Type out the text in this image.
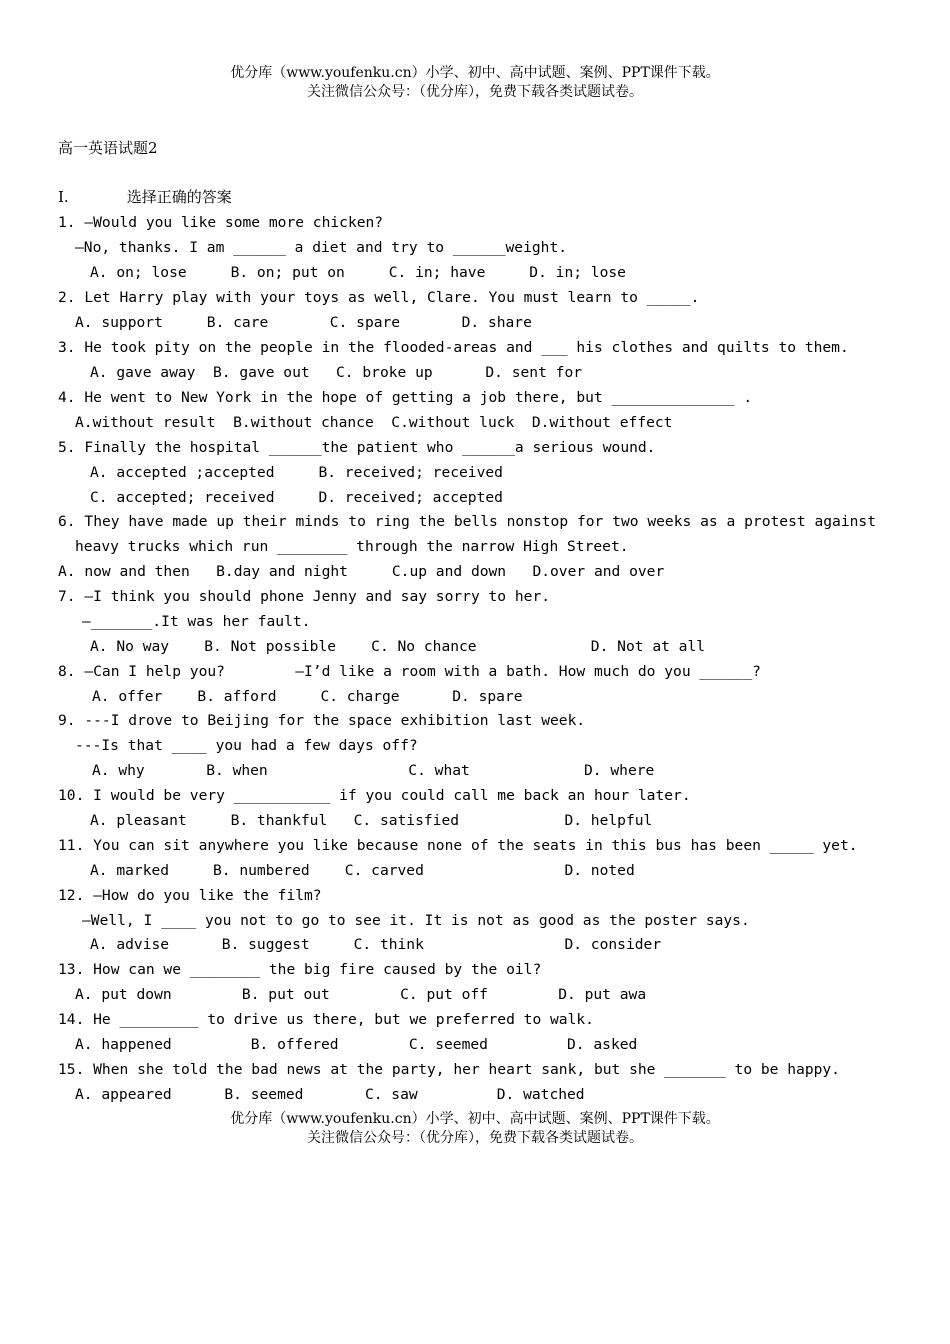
优分库（www.youfenku.cn）小学、初中、高中试题、案例、PPT课件下载。
关注微信公众号：（优分库），免费下载各类试题试卷。
高一英语试题2
I.	选择正确的答案
1. —Would you like some more chicken?
—No, thanks. I am ______ a diet and try to ______weight.
A. on; lose     B. on; put on     C. in; have     D. in; lose
2. Let Harry play with your toys as well, Clare. You must learn to _____.
A. support     B. care       C. spare       D. share
3. He took pity on the people in the flooded-areas and ___ his clothes and quilts to them.
A. gave away  B. gave out   C. broke up      D. sent for
4. He went to New York in the hope of getting a job there, but ______________ .
A.without result  B.without chance  C.without luck  D.without effect
5. Finally the hospital ______the patient who ______a serious wound.
A. accepted ;accepted     B. received; received
C. accepted; received     D. received; accepted
6. They have made up their minds to ring the bells nonstop for two weeks as a protest against
heavy trucks which run ________ through the narrow High Street.
A. now and then   B.day and night     C.up and down   D.over and over
7. —I think you should phone Jenny and say sorry to her.
—_______.It was her fault.
A. No way    B. Not possible    C. No chance             D. Not at all
8. —Can I help you?        —I’d like a room with a bath. How much do you ______?
A. offer    B. afford     C. charge      D. spare
9. ---I drove to Beijing for the space exhibition last week.
---Is that ____ you had a few days off?
A. why       B. when                C. what             D. where
10. I would be very ___________ if you could call me back an hour later.
A. pleasant     B. thankful   C. satisfied            D. helpful
11. You can sit anywhere you like because none of the seats in this bus has been _____ yet.
A. marked     B. numbered    C. carved                D. noted
12. —How do you like the film?
—Well, I ____ you not to go to see it. It is not as good as the poster says.
A. advise      B. suggest     C. think                D. consider
13. How can we ________ the big fire caused by the oil?
A. put down        B. put out        C. put off        D. put awa
14. He _________ to drive us there, but we preferred to walk.
A. happened         B. offered        C. seemed         D. asked
15. When she told the bad news at the party, her heart sank, but she _______ to be happy.
A. appeared      B. seemed       C. saw         D. watched
优分库（www.youfenku.cn）小学、初中、高中试题、案例、PPT课件下载。
关注微信公众号：（优分库），免费下载各类试题试卷。
